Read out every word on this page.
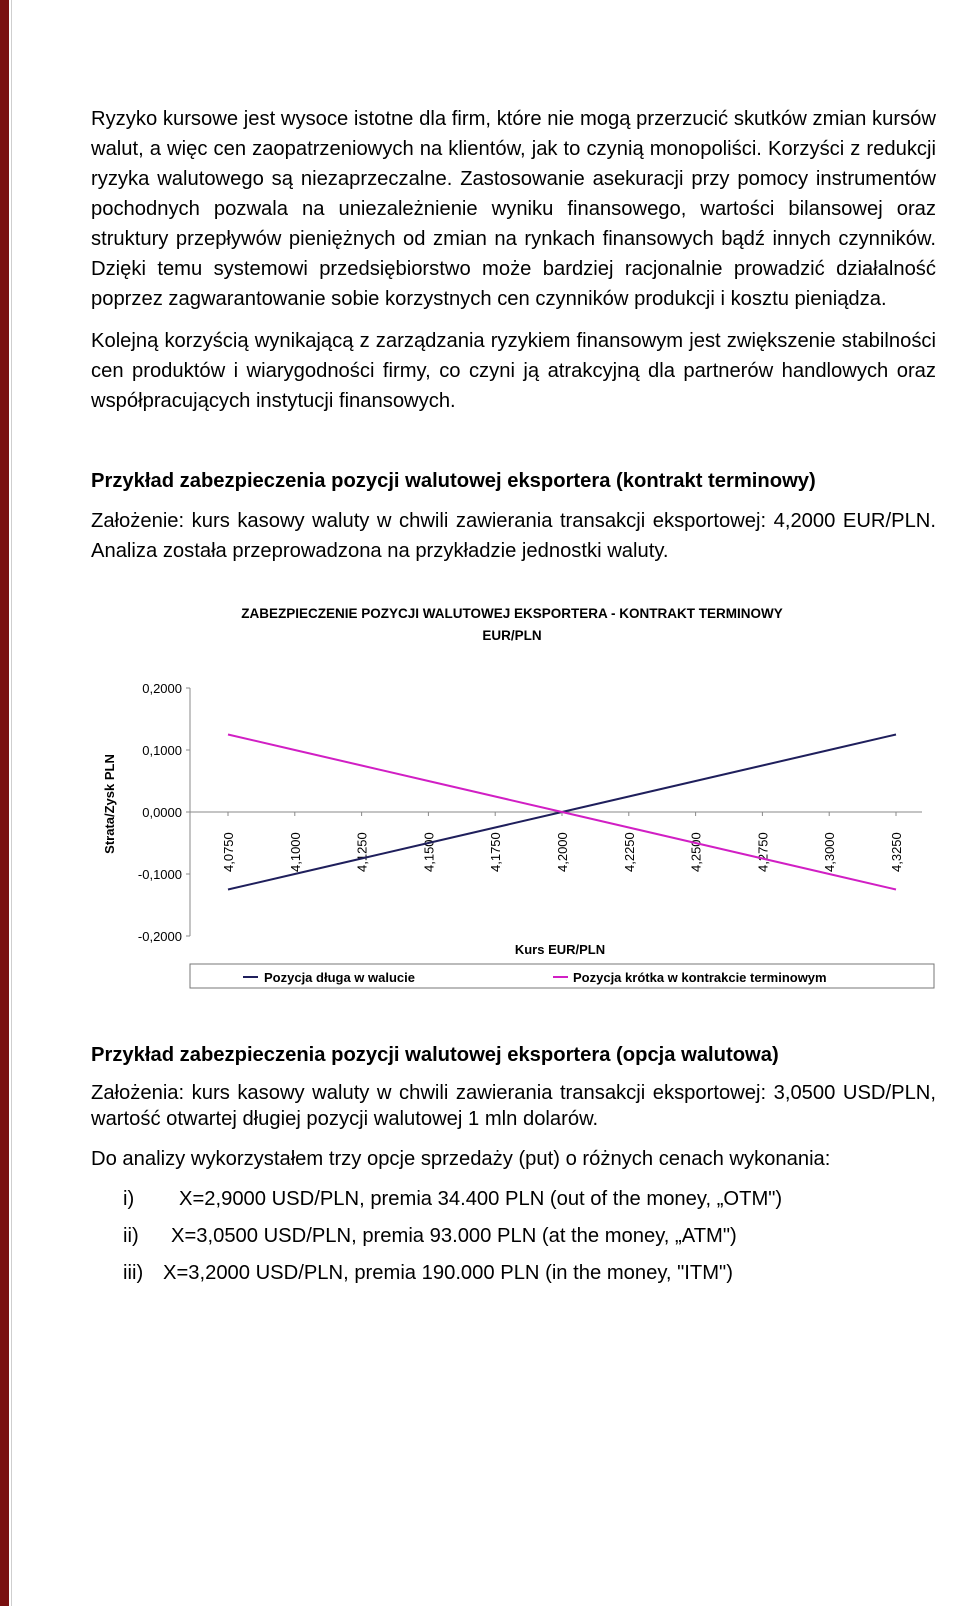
Ryzyko kursowe jest wysoce istotne dla firm, które nie mogą przerzucić skutków zmian kursów walut, a więc cen zaopatrzeniowych na klientów, jak to czynią monopoliści. Korzyści z redukcji ryzyka walutowego są niezaprzeczalne. Zastosowanie asekuracji przy pomocy instrumentów pochodnych pozwala na uniezależnienie wyniku finansowego, wartości bilansowej oraz struktury przepływów pieniężnych od zmian na rynkach finansowych bądź innych czynników. Dzięki temu systemowi przedsiębiorstwo może bardziej racjonalnie prowadzić działalność poprzez zagwarantowanie sobie korzystnych cen czynników produkcji i kosztu pieniądza.

Kolejną korzyścią wynikającą z zarządzania ryzykiem finansowym jest zwiększenie stabilności cen produktów i wiarygodności firmy, co czyni ją atrakcyjną dla partnerów handlowych oraz współpracujących instytucji finansowych.

Przykład zabezpieczenia pozycji walutowej eksportera (kontrakt terminowy)

Założenie: kurs kasowy waluty w chwili zawierania transakcji eksportowej: 4,2000 EUR/PLN. Analiza została przeprowadzona na przykładzie jednostki waluty.

ZABEZPIECZENIE POZYCJI WALUTOWEJ EKSPORTERA - KONTRAKT TERMINOWY
EUR/PLN
Strata/Zysk PLN
0,2000
0,1000
0,0000
-0,1000
-0,2000
4,0750	4,1000	4,1250	4,1500	4,1750	4,2000	4,2250	4,2500	4,2750	4,3000	4,3250
Kurs EUR/PLN
Pozycja długa w walucie	Pozycja krótka w kontrakcie terminowym

Przykład zabezpieczenia pozycji walutowej eksportera (opcja walutowa)

Założenia: kurs kasowy waluty w chwili zawierania transakcji eksportowej: 3,0500 USD/PLN, wartość otwartej długiej pozycji walutowej 1 mln dolarów.

Do analizy wykorzystałem trzy opcje sprzedaży (put) o różnych cenach wykonania:

i)	X=2,9000 USD/PLN, premia 34.400 PLN (out of the money, „OTM")
ii)	X=3,0500 USD/PLN, premia 93.000 PLN (at the money, „ATM")
iii) X=3,2000 USD/PLN, premia 190.000 PLN (in the money, "ITM")
